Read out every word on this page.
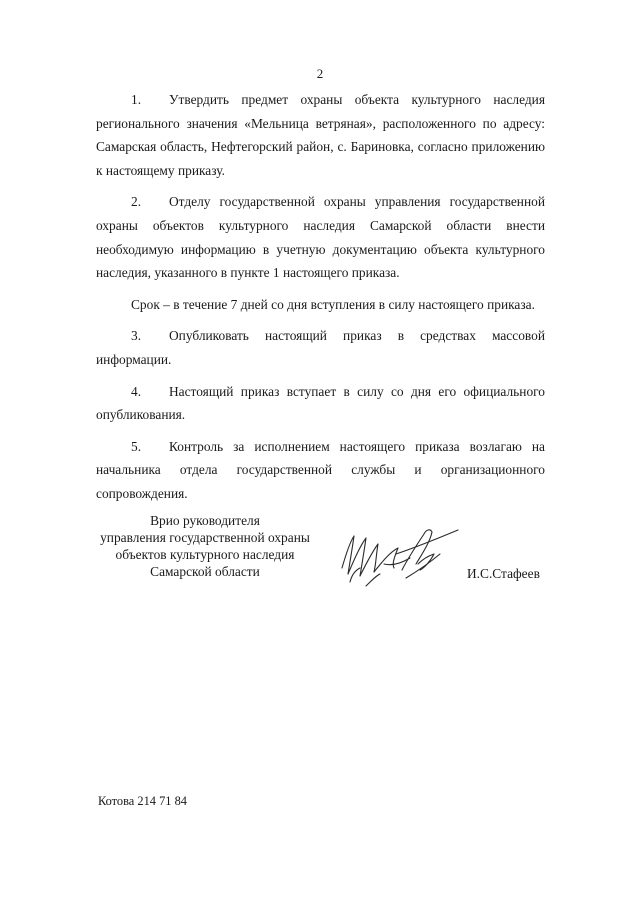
2

1. Утвердить предмет охраны объекта культурного наследия регионального значения «Мельница ветряная», расположенного по адресу: Самарская область, Нефтегорский район, с. Бариновка, согласно приложению к настоящему приказу.

2. Отделу государственной охраны управления государственной охраны объектов культурного наследия Самарской области внести необходимую информацию в учетную документацию объекта культурного наследия, указанного в пункте 1 настоящего приказа.

Срок – в течение 7 дней со дня вступления в силу настоящего приказа.

3. Опубликовать настоящий приказ в средствах массовой информации.

4. Настоящий приказ вступает в силу со дня его официального опубликования.

5. Контроль за исполнением настоящего приказа возлагаю на начальника отдела государственной службы и организационного сопровождения.

Врио руководителя
управления государственной охраны
объектов культурного наследия
Самарской области	И.С.Стафеев
Котова 214 71 84
